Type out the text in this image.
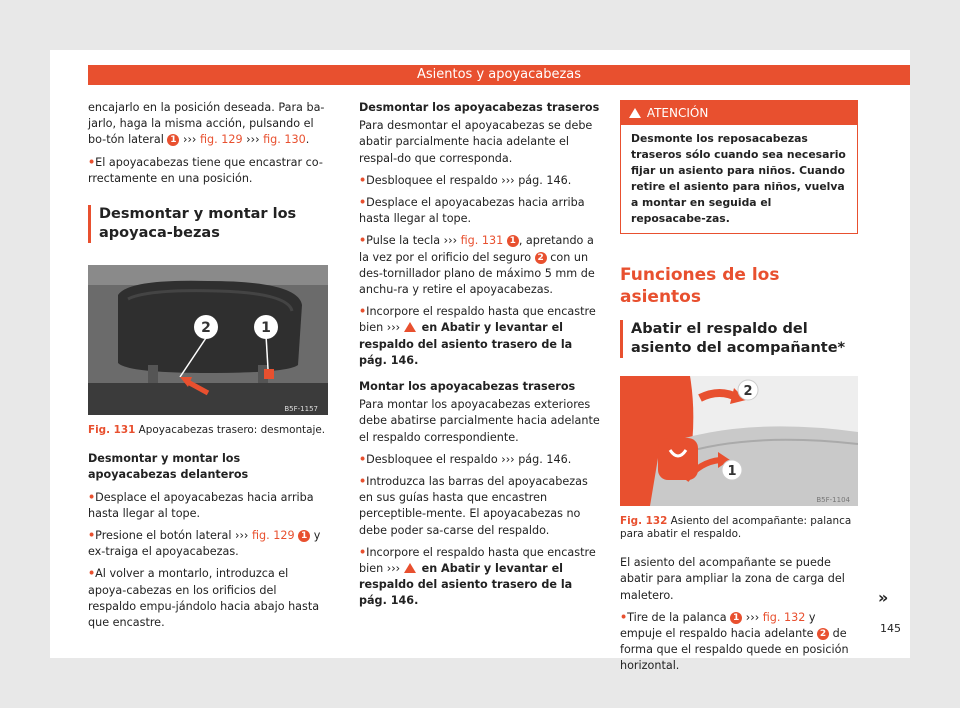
Asientos y apoyacabezas

encajarlo en la posición deseada. Para ba-jarlo, haga la misma acción, pulsando el bo-tón lateral 1 ››› fig. 129 ››› fig. 130.

• El apoyacabezas tiene que encastrar co-rrectamente en una posición.

Desmontar y montar los apoyaca-bezas
2	1
B5F-1157
Fig. 131 Apoyacabezas trasero: desmontaje.

Desmontar y montar los apoyacabezas delanteros

• Desplace el apoyacabezas hacia arriba hasta llegar al tope.

• Presione el botón lateral ››› fig. 129 1 y ex-traiga el apoyacabezas.

• Al volver a montarlo, introduzca el apoya-cabezas en los orificios del respaldo empu-jándolo hacia abajo hasta que encastre.

Desmontar los apoyacabezas traseros

Para desmontar el apoyacabezas se debe abatir parcialmente hacia adelante el respal-do que corresponda.

• Desbloquee el respaldo ››› pág. 146.

• Desplace el apoyacabezas hacia arriba hasta llegar al tope.

• Pulse la tecla ››› fig. 131 1 , apretando a la vez por el orificio del seguro 2 con un des-tornillador plano de máximo 5 mm de anchu-ra y retire el apoyacabezas.

• Incorpore el respaldo hasta que encastre bien ›››  en Abatir y levantar el respaldo del asiento trasero de la pág. 146.

Montar los apoyacabezas traseros

Para montar los apoyacabezas exteriores debe abatirse parcialmente hacia adelante el respaldo correspondiente.

• Desbloquee el respaldo ››› pág. 146.

• Introduzca las barras del apoyacabezas en sus guías hasta que encastren perceptible-mente. El apoyacabezas no debe poder sa-carse del respaldo.

• Incorpore el respaldo hasta que encastre bien ›››  en Abatir y levantar el respaldo del asiento trasero de la pág. 146.

ATENCIÓN
Desmonte los reposacabezas traseros sólo cuando sea necesario fijar un asiento para niños. Cuando retire el asiento para niños, vuelva a montar en seguida el reposacabe-zas.
Funciones de los asientos
Abatir el respaldo del asiento del acompañante*
2
1
B5F-1104
Fig. 132 Asiento del acompañante: palanca para abatir el respaldo.

El asiento del acompañante se puede abatir para ampliar la zona de carga del maletero.

• Tire de la palanca 1 ››› fig. 132 y empuje el respaldo hacia adelante 2 de forma que el respaldo quede en posición horizontal.

»
145
